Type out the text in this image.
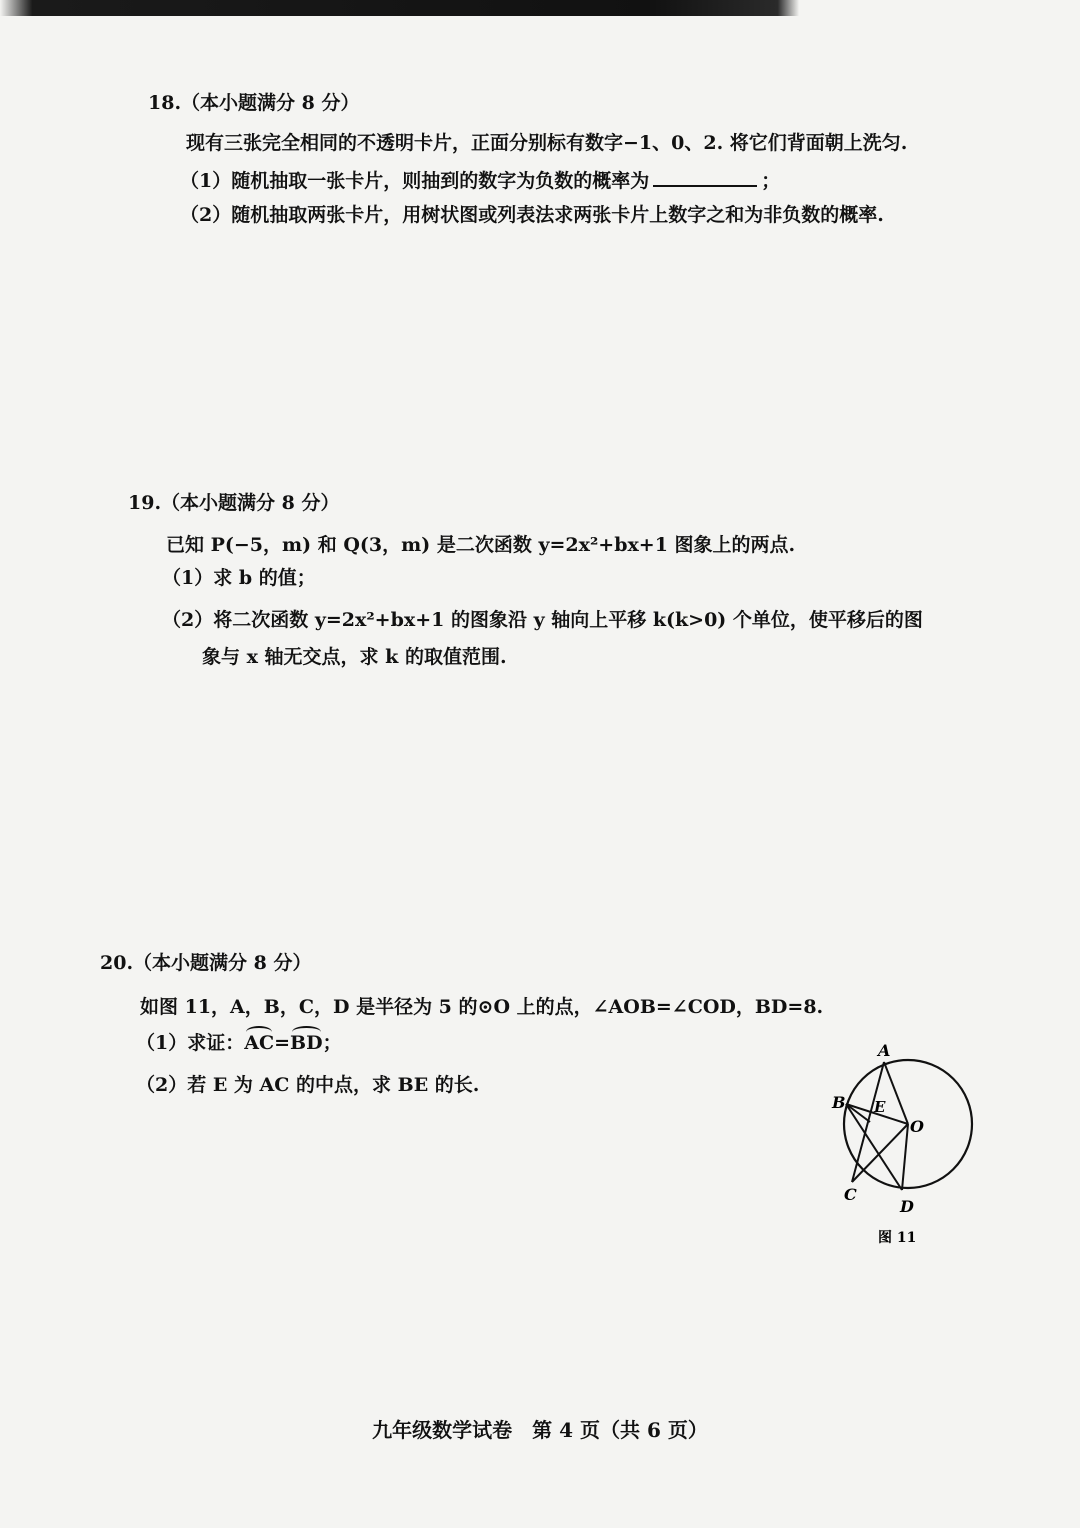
18.（本小题满分 8 分）
现有三张完全相同的不透明卡片，正面分别标有数字−1、0、2. 将它们背面朝上洗匀.
（1）随机抽取一张卡片，则抽到的数字为负数的概率为	；
（2）随机抽取两张卡片，用树状图或列表法求两张卡片上数字之和为非负数的概率.
19.（本小题满分 8 分）
已知 P(−5，m) 和 Q(3，m) 是二次函数 y=2x²+bx+1 图象上的两点.
（1）求 b 的值；
（2）将二次函数 y=2x²+bx+1 的图象沿 y 轴向上平移 k(k>0) 个单位，使平移后的图
象与 x 轴无交点，求 k 的取值范围.
20.（本小题满分 8 分）
如图 11，A，B，C，D 是半径为 5 的⊙O 上的点，∠AOB=∠COD，BD=8.
（1）求证：AC=BD；
（2）若 E 为 AC 的中点，求 BE 的长.
A
B E
O
C
D
图 11
九年级数学试卷　第 4 页（共 6 页）
